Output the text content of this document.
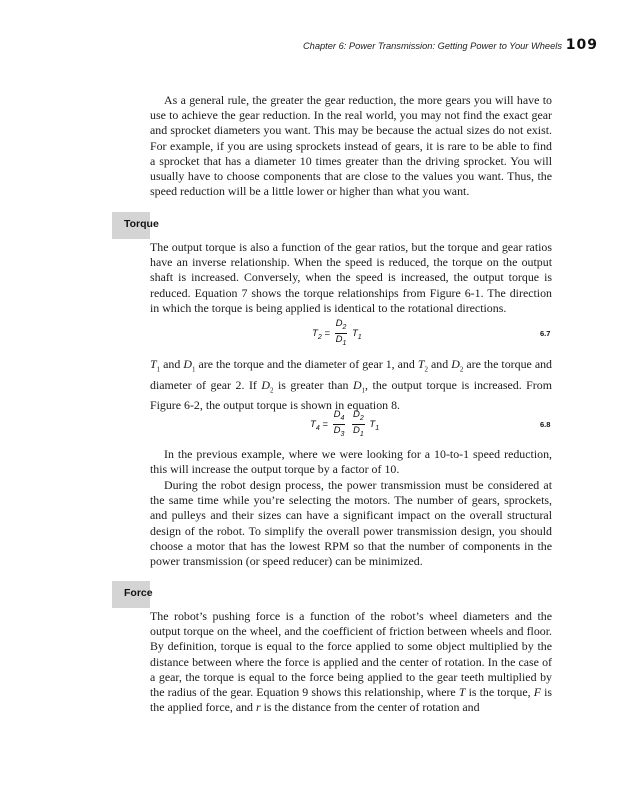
Chapter 6: Power Transmission: Getting Power to Your Wheels 109

As a general rule, the greater the gear reduction, the more gears you will have to use to achieve the gear reduction. In the real world, you may not find the exact gear and sprocket diameters you want. This may be because the actual sizes do not exist. For example, if you are using sprockets instead of gears, it is rare to be able to find a sprocket that has a diameter 10 times greater than the driving sprocket. You will usually have to choose components that are close to the values you want. Thus, the speed reduction will be a little lower or higher than what you want.

Torque

The output torque is also a function of the gear ratios, but the torque and gear ratios have an inverse relationship. When the speed is reduced, the torque on the output shaft is increased. Conversely, when the speed is increased, the output torque is reduced. Equation 7 shows the torque relationships from Figure 6-1. The direction in which the torque is being applied is identical to the rotational directions.

$T_2 = \frac{D_2}{D_1} T_1$	6.7

$T_1$ and $D_1$ are the torque and the diameter of gear 1, and $T_2$ and $D_2$ are the torque and diameter of gear 2. If $D_2$ is greater than $D_1$, the output torque is increased. From Figure 6-2, the output torque is shown in equation 8.

$T_4 = \frac{D_4}{D_3}$
$\frac{D_2}{D_1} T_1$	6.8

In the previous example, where we were looking for a 10-to-1 speed reduction, this will increase the output torque by a factor of 10.

During the robot design process, the power transmission must be considered at the same time while you’re selecting the motors. The number of gears, sprockets, and pulleys and their sizes can have a significant impact on the overall structural design of the robot. To simplify the overall power transmission design, you should choose a motor that has the lowest RPM so that the number of components in the power transmission (or speed reducer) can be minimized.

Force

The robot’s pushing force is a function of the robot’s wheel diameters and the output torque on the wheel, and the coefficient of friction between wheels and floor. By definition, torque is equal to the force applied to some object multiplied by the distance between where the force is applied and the center of rotation. In the case of a gear, the torque is equal to the force being applied to the gear teeth multiplied by the radius of the gear. Equation 9 shows this relationship, where T is the torque, F is the applied force, and r is the distance from the center of rotation and
